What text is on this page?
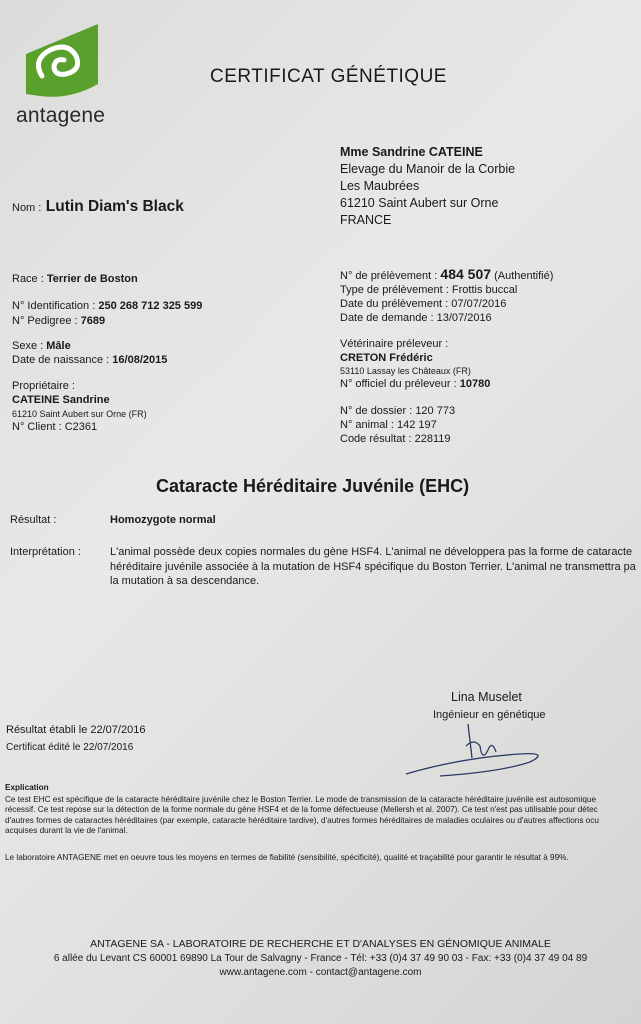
antagene
CERTIFICAT GÉNÉTIQUE
Mme Sandrine CATEINE
Elevage du Manoir de la Corbie
Les Maubrées
61210 Saint Aubert sur Orne
FRANCE
Nom : Lutin Diam's Black
Race : Terrier de Boston
N° Identification : 250 268 712 325 599
N° Pedigree : 7689
Sexe : Mâle
Date de naissance : 16/08/2015
Propriétaire :
CATEINE Sandrine
61210 Saint Aubert sur Orne (FR)
N° Client : C2361
N° de prélèvement : 484 507 (Authentifié)
Type de prélèvement : Frottis buccal
Date du prélèvement : 07/07/2016
Date de demande : 13/07/2016
Vétérinaire préleveur :
CRETON Frédéric
53110 Lassay les Châteaux (FR)
N° officiel du préleveur : 10780
N° de dossier : 120 773
N° animal : 142 197
Code résultat : 228119
Cataracte Héréditaire Juvénile (EHC)
Résultat :	Homozygote normal
Interprétation :	L'animal possède deux copies normales du gène HSF4. L'animal ne développera pas la forme de cataracte
héréditaire juvénile associée à la mutation de HSF4 spécifique du Boston Terrier. L'animal ne transmettra pa
la mutation à sa descendance.
Lina Muselet
Ingénieur en génétique
Résultat établi le 22/07/2016
Certificat édité le 22/07/2016
Explication
Ce test EHC est spécifique de la cataracte héréditaire juvénile chez le Boston Terrier. Le mode de transmission de la cataracte héréditaire juvénile est autosomique
récessif. Ce test repose sur la détection de la forme normale du gène HSF4 et de la forme défectueuse (Mellersh et al. 2007). Ce test n'est pas utilisable pour détec
d'autres formes de cataractes héréditaires (par exemple, cataracte héréditaire tardive), d'autres formes héréditaires de maladies oculaires ou d'autres affections ocu
acquises durant la vie de l'animal.
Le laboratoire ANTAGENE met en oeuvre tous les moyens en termes de fiabilité (sensibilité, spécificité), qualité et traçabilité pour garantir le résultat à 99%.
ANTAGENE SA - LABORATOIRE DE RECHERCHE ET D'ANALYSES EN GÉNOMIQUE ANIMALE
6 allée du Levant CS 60001 69890 La Tour de Salvagny - France - Tél: +33 (0)4 37 49 90 03 - Fax: +33 (0)4 37 49 04 89
www.antagene.com - contact@antagene.com
